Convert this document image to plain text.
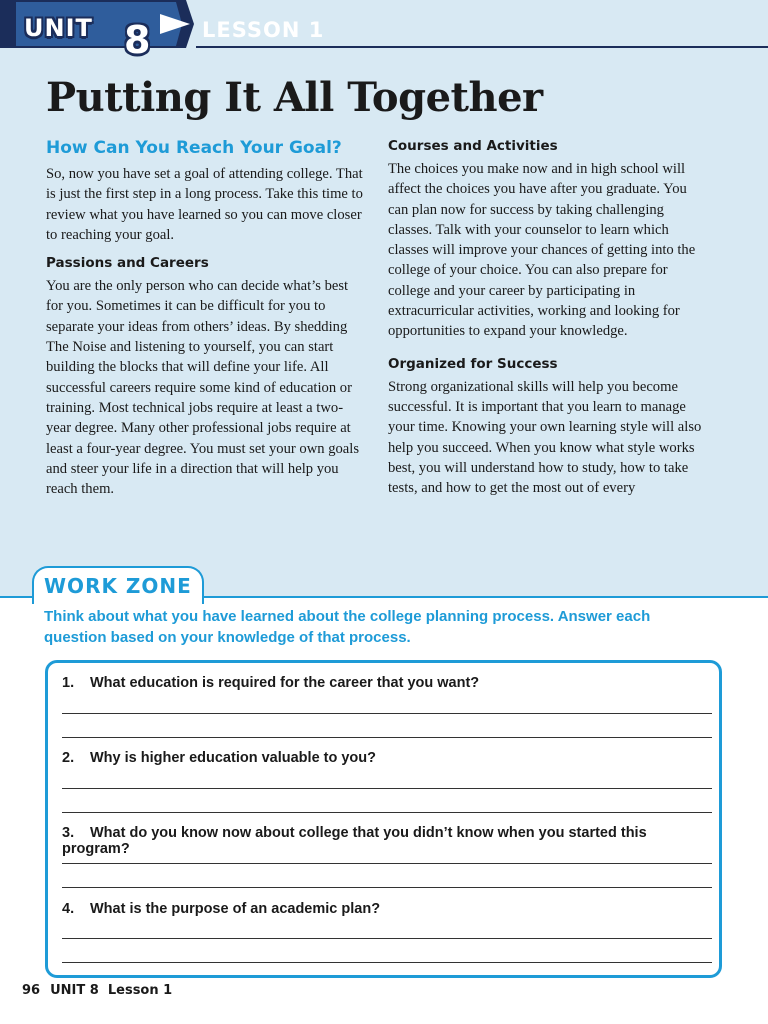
UNIT 8 LESSON 1
Putting It All Together
How Can You Reach Your Goal?

So, now you have set a goal of attending college. That is just the first step in a long process. Take this time to review what you have learned so you can move closer to reaching your goal.

Passions and Careers

You are the only person who can decide what’s best for you. Sometimes it can be difficult for you to separate your ideas from others’ ideas. By shedding The Noise and listening to yourself, you can start building the blocks that will define your life. All successful careers require some kind of education or training. Most technical jobs require at least a two-year degree. Many other professional jobs require at least a four-year degree. You must set your own goals and steer your life in a direction that will help you reach them.

Courses and Activities

The choices you make now and in high school will affect the choices you have after you graduate. You can plan now for success by taking challenging classes. Talk with your counselor to learn which classes will improve your chances of getting into the college of your choice. You can also prepare for college and your career by participating in extracurricular activities, working and looking for opportunities to expand your knowledge.

Organized for Success

Strong organizational skills will help you become successful. It is important that you learn to manage your time. Knowing your own learning style will also help you succeed. When you know what style works best, you will understand how to study, how to take tests, and how to get the most out of every

WORK ZONE

Think about what you have learned about the college planning process. Answer each question based on your knowledge of that process.

1. What education is required for the career that you want?
2. Why is higher education valuable to you?
3. What do you know now about college that you didn’t know when you started this program?
4. What is the purpose of an academic plan?
96 UNIT 8  Lesson 1
